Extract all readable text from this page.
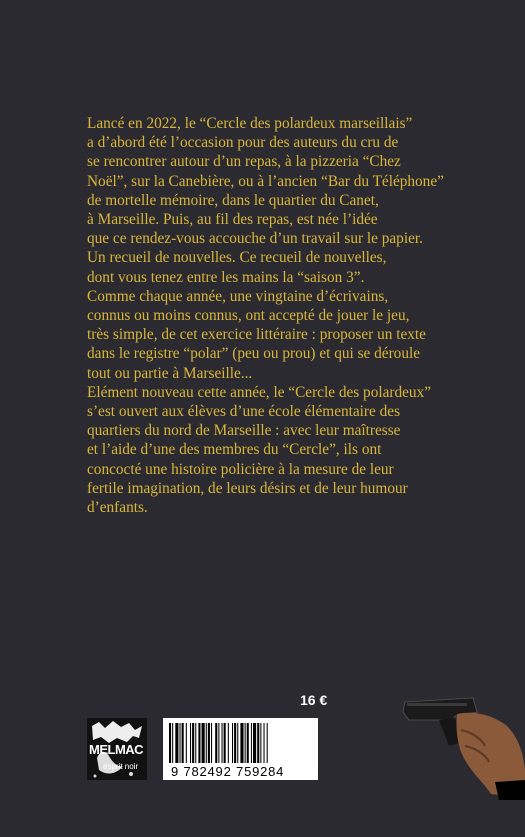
Lancé en 2022, le “Cercle des polardeux marseillais”
a d’abord été l’occasion pour des auteurs du cru de
se rencontrer autour d’un repas, à la pizzeria “Chez
Noël”, sur la Canebière, ou à l’ancien “Bar du Téléphone”
de mortelle mémoire, dans le quartier du Canet,
à Marseille. Puis, au fil des repas, est née l’idée
que ce rendez-vous accouche d’un travail sur le papier.
Un recueil de nouvelles. Ce recueil de nouvelles,
dont vous tenez entre les mains la “saison 3”.
Comme chaque année, une vingtaine d’écrivains,
connus ou moins connus, ont accepté de jouer le jeu,
très simple, de cet exercice littéraire : proposer un texte
dans le registre “polar” (peu ou prou) et qui se déroule
tout ou partie à Marseille...
Elément nouveau cette année, le “Cercle des polardeux”
s’est ouvert aux élèves d’une école élémentaire des
quartiers du nord de Marseille : avec leur maîtresse
et l’aide d’une des membres du “Cercle”, ils ont
concocté une histoire policière à la mesure de leur
fertile imagination, de leurs désirs et de leur humour
d’enfants.
16 €
MELMAC
esprit noir	9 782492 759284
